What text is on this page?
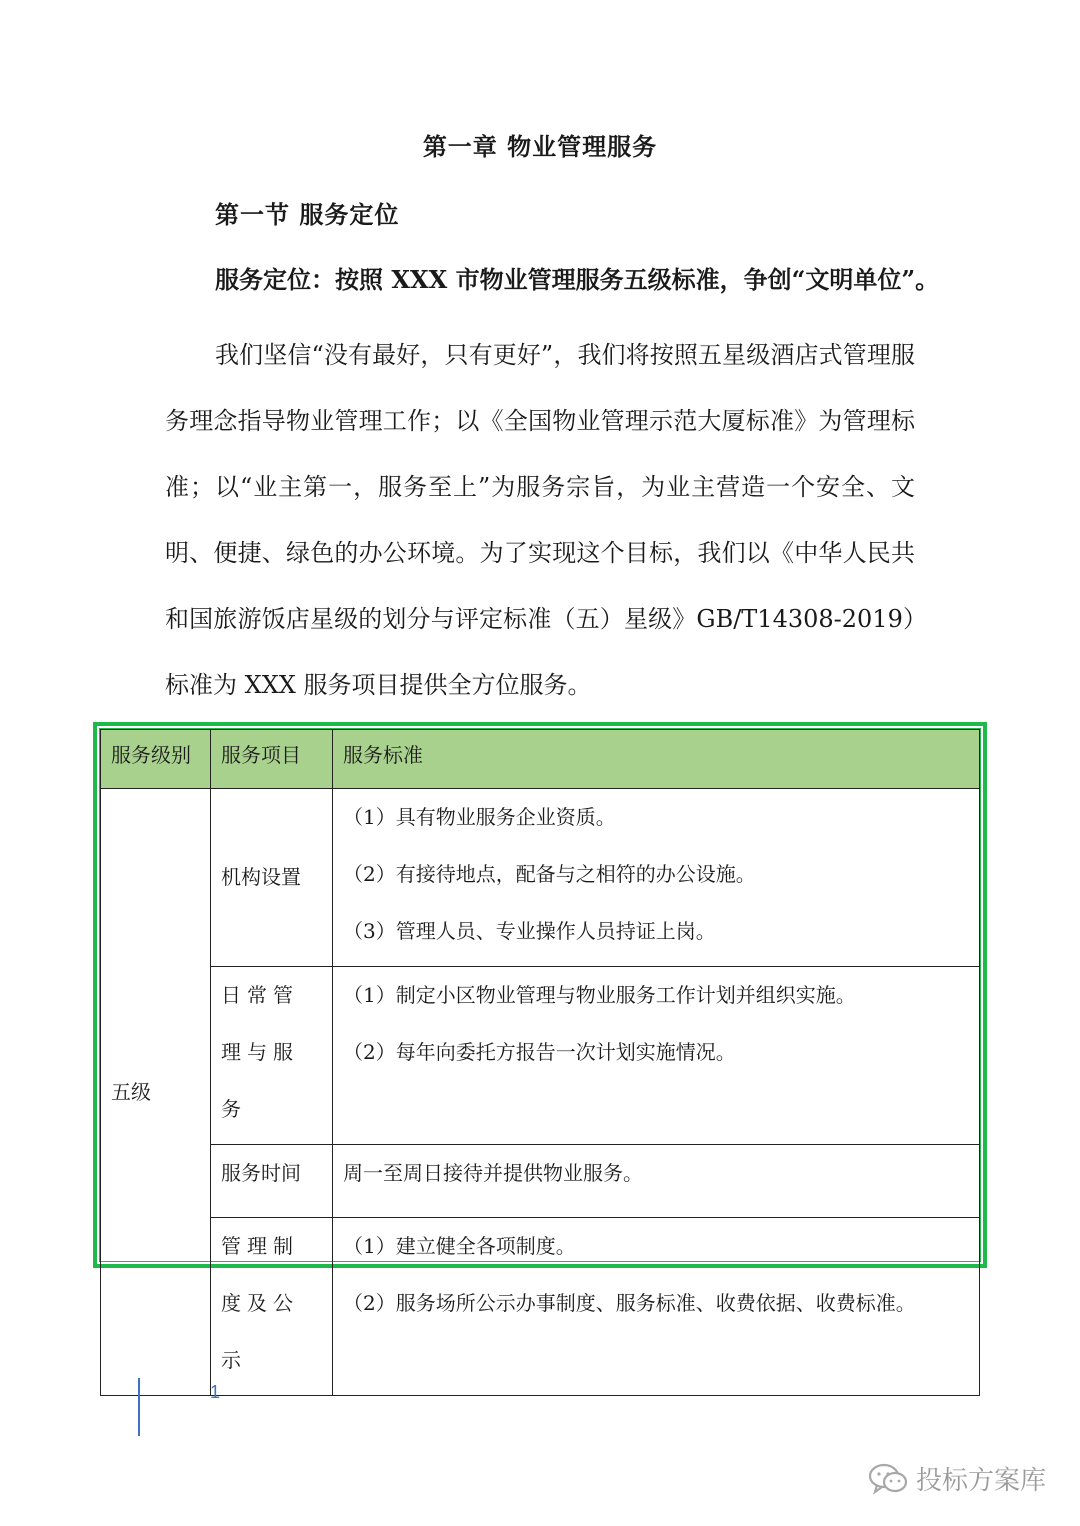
第一章 物业管理服务
第一节 服务定位
服务定位：按照 XXX 市物业管理服务五级标准，争创“文明单位”。
我们坚信“没有最好，只有更好”，我们将按照五星级酒店式管理服务理念指导物业管理工作；以《全国物业管理示范大厦标准》为管理标准；以“业主第一，服务至上”为服务宗旨，为业主营造一个安全、文明、便捷、绿色的办公环境。为了实现这个目标，我们以《中华人民共和国旅游饭店星级的划分与评定标准（五）星级》GB/T14308-2019）标准为 XXX 服务项目提供全方位服务。
服务级别	服务项目	服务标准
五级	机构设置	（1）具有物业服务企业资质。
（2）有接待地点，配备与之相符的办公设施。
（3）管理人员、专业操作人员持证上岗。

	日常管理与服务	（1）制定小区物业管理与物业服务工作计划并组织实施。
（2）每年向委托方报告一次计划实施情况。

	服务时间	周一至周日接待并提供物业服务。

	管理制度及公示	（1）建立健全各项制度。
（2）服务场所公示办事制度、服务标准、收费依据、收费标准。
1
投标方案库
